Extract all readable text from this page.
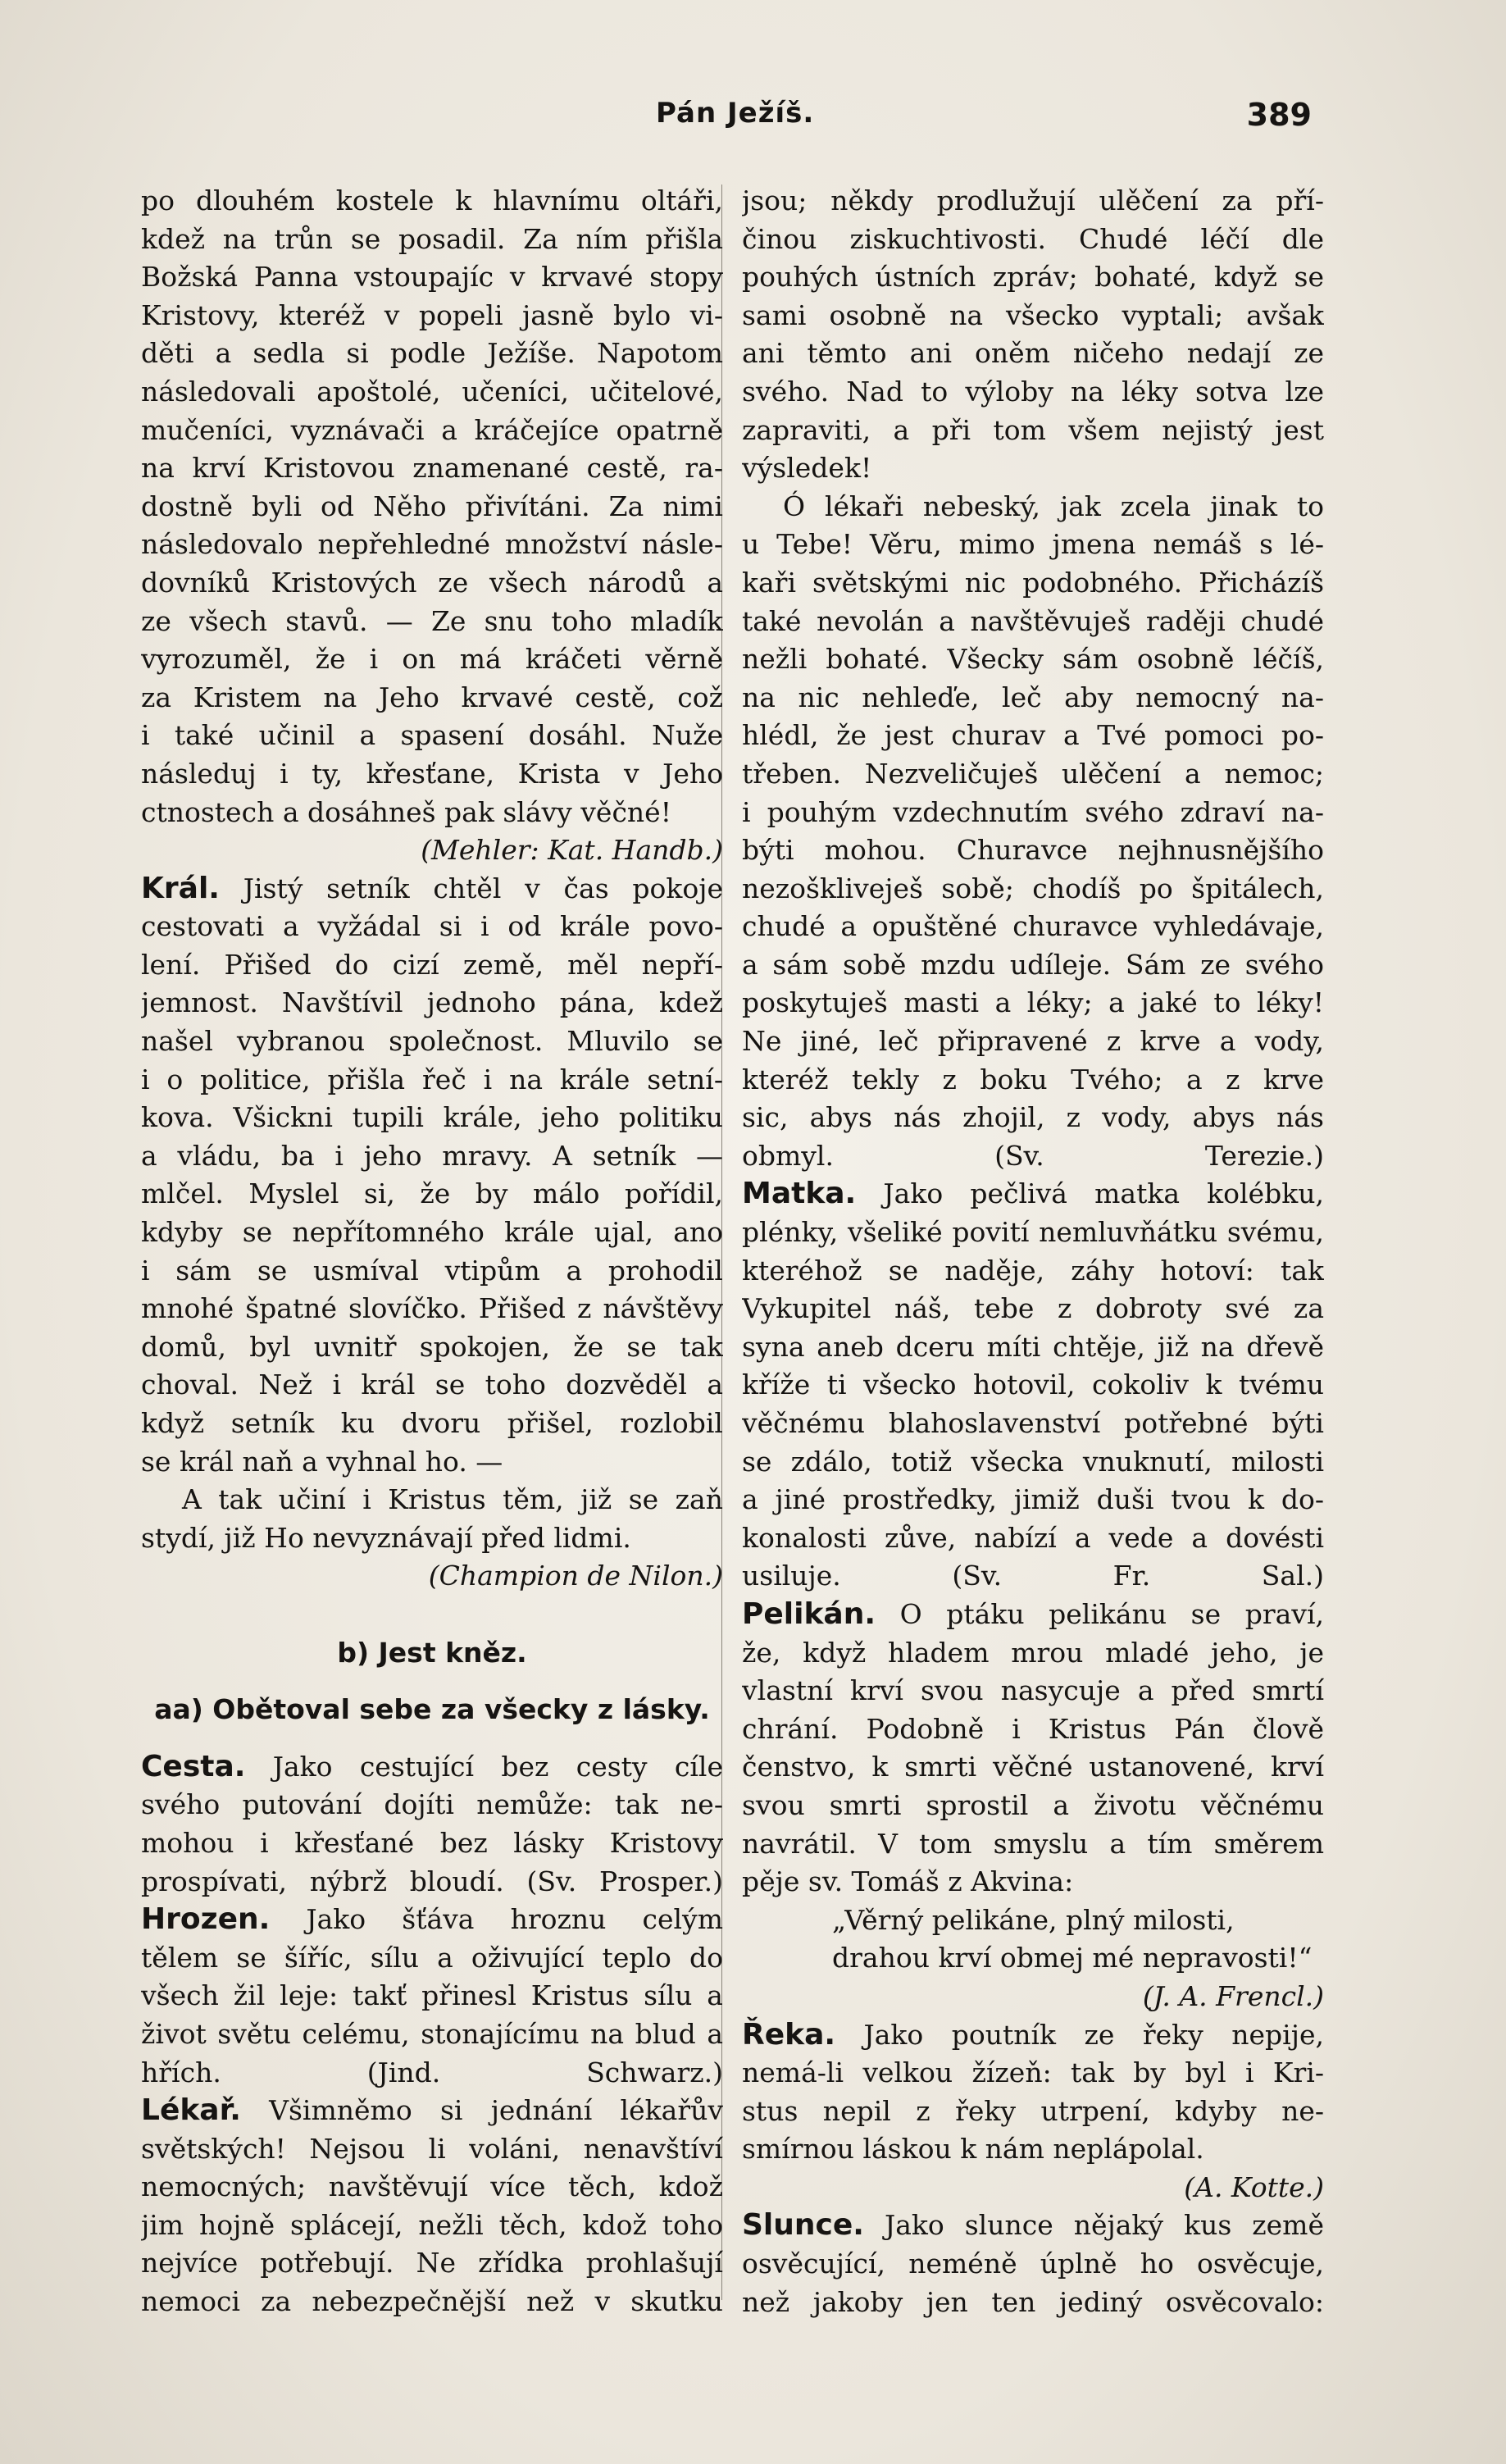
Pán Ježíš.	389
po dlouhém kostele k hlavnímu oltáři,
kdež na trůn se posadil. Za ním přišla
Božská Panna vstoupajíc v krvavé stopy
Kristovy, kteréž v popeli jasně bylo vi-
děti a sedla si podle Ježíše. Napotom
následovali apoštolé, učeníci, učitelové,
mučeníci, vyznávači a kráčejíce opatrně
na krví Kristovou znamenané cestě, ra-
dostně byli od Něho přivítáni. Za nimi
následovalo nepřehledné množství násle-
dovníků Kristových ze všech národů a
ze všech stavů. — Ze snu toho mladík
vyrozuměl, že i on má kráčeti věrně
za Kristem na Jeho krvavé cestě, což
i také učinil a spasení dosáhl. Nuže
následuj i ty, křesťane, Krista v Jeho
ctnostech a dosáhneš pak slávy věčné!
(Mehler: Kat. Handb.)
Král. Jistý setník chtěl v čas pokoje
cestovati a vyžádal si i od krále povo-
lení. Přišed do cizí země, měl nepří-
jemnost. Navštívil jednoho pána, kdež
našel vybranou společnost. Mluvilo se
i o politice, přišla řeč i na krále setní-
kova. Všickni tupili krále, jeho politiku
a vládu, ba i jeho mravy. A setník —
mlčel. Myslel si, že by málo pořídil,
kdyby se nepřítomného krále ujal, ano
i sám se usmíval vtipům a prohodil
mnohé špatné slovíčko. Přišed z návštěvy
domů, byl uvnitř spokojen, že se tak
choval. Než i král se toho dozvěděl a
když setník ku dvoru přišel, rozlobil
se král naň a vyhnal ho. —
A tak učiní i Kristus těm, již se zaň
stydí, již Ho nevyznávají před lidmi.
(Champion de Nilon.)
b) Jest kněz.
aa) Obětoval sebe za všecky z lásky.
Cesta. Jako cestující bez cesty cíle
svého putování dojíti nemůže: tak ne-
mohou i křesťané bez lásky Kristovy
prospívati, nýbrž bloudí. (Sv. Prosper.)
Hrozen. Jako šťáva hroznu celým
tělem se šíříc, sílu a oživující teplo do
všech žil leje: takť přinesl Kristus sílu a
život světu celému, stonajícímu na blud a
hřích. (Jind. Schwarz.)
Lékař. Všimněmo si jednání lékařův
světských! Nejsou li voláni, nenavštíví
nemocných; navštěvují více těch, kdož
jim hojně splácejí, nežli těch, kdož toho
nejvíce potřebují. Ne zřídka prohlašují
nemoci za nebezpečnější než v skutku
jsou; někdy prodlužují ulěčení za pří-
činou ziskuchtivosti. Chudé léčí dle
pouhých ústních zpráv; bohaté, když se
sami osobně na všecko vyptali; avšak
ani těmto ani oněm ničeho nedají ze
svého. Nad to výloby na léky sotva lze
zapraviti, a při tom všem nejistý jest
výsledek!
Ó lékaři nebeský, jak zcela jinak to
u Tebe! Věru, mimo jmena nemáš s lé-
kaři světskými nic podobného. Přicházíš
také nevolán a navštěvuješ raději chudé
nežli bohaté. Všecky sám osobně léčíš,
na nic nehleďe, leč aby nemocný na-
hlédl, že jest churav a Tvé pomoci po-
třeben. Nezveličuješ ulěčení a nemoc;
i pouhým vzdechnutím svého zdraví na-
býti mohou. Churavce nejhnusnějšího
nezoškliveješ sobě; chodíš po špitálech,
chudé a opuštěné churavce vyhledávaje,
a sám sobě mzdu udíleje. Sám ze svého
poskytuješ masti a léky; a jaké to léky!
Ne jiné, leč připravené z krve a vody,
kteréž tekly z boku Tvého; a z krve
sic, abys nás zhojil, z vody, abys nás
obmyl. (Sv. Terezie.)
Matka. Jako pečlivá matka kolébku,
plénky, všeliké povití nemluvňátku svému,
kteréhož se naděje, záhy hotoví: tak
Vykupitel náš, tebe z dobroty své za
syna aneb dceru míti chtěje, již na dřevě
kříže ti všecko hotovil, cokoliv k tvému
věčnému blahoslavenství potřebné býti
se zdálo, totiž všecka vnuknutí, milosti
a jiné prostředky, jimiž duši tvou k do-
konalosti zůve, nabízí a vede a dovésti
usiluje. (Sv. Fr. Sal.)
Pelikán. O ptáku pelikánu se praví,
že, když hladem mrou mladé jeho, je
vlastní krví svou nasycuje a před smrtí
chrání. Podobně i Kristus Pán člově
čenstvo, k smrti věčné ustanovené, krví
svou smrti sprostil a životu věčnému
navrátil. V tom smyslu a tím směrem
pěje sv. Tomáš z Akvina:
„Věrný pelikáne, plný milosti,
drahou krví obmej mé nepravosti!“
(J. A. Frencl.)
Řeka. Jako poutník ze řeky nepije,
nemá-li velkou žízeň: tak by byl i Kri-
stus nepil z řeky utrpení, kdyby ne-
smírnou láskou k nám neplápolal.
(A. Kotte.)
Slunce. Jako slunce nějaký kus země
osvěcující, neméně úplně ho osvěcuje,
než jakoby jen ten jediný osvěcovalo:
